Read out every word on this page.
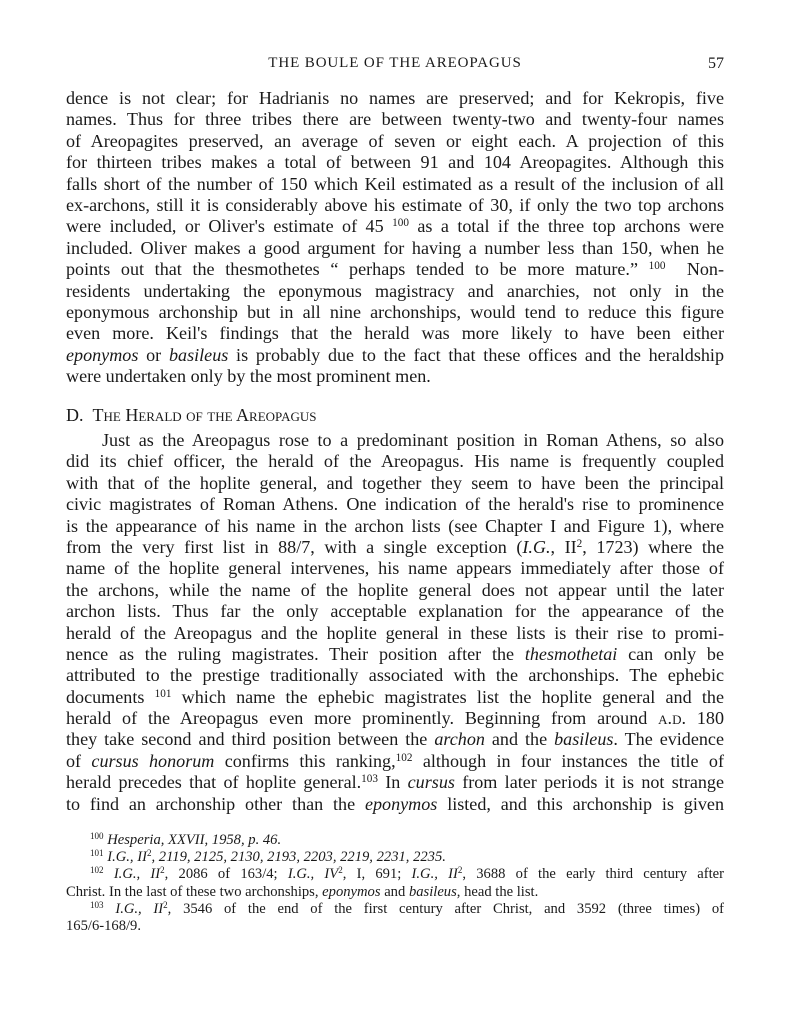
THE BOULE OF THE AREOPAGUS	57
dence is not clear; for Hadrianis no names are preserved; and for Kekropis, five
names. Thus for three tribes there are between twenty-two and twenty-four names
of Areopagites preserved, an average of seven or eight each. A projection of this
for thirteen tribes makes a total of between 91 and 104 Areopagites. Although this
falls short of the number of 150 which Keil estimated as a result of the inclusion of all
ex-archons, still it is considerably above his estimate of 30, if only the two top archons
were included, or Oliver's estimate of 45 $^{100}$ as a total if the three top archons were
included. Oliver makes a good argument for having a number less than 150, when he
points out that the thesmothetes “ perhaps tended to be more mature.” $^{100}$ Non-
residents undertaking the eponymous magistracy and anarchies, not only in the
eponymous archonship but in all nine archonships, would tend to reduce this figure
even more. Keil's findings that the herald was more likely to have been either
eponymos or basileus is probably due to the fact that these offices and the heraldship
were undertaken only by the most prominent men.
D. The Herald of the Areopagus
Just as the Areopagus rose to a predominant position in Roman Athens, so also
did its chief officer, the herald of the Areopagus. His name is frequently coupled
with that of the hoplite general, and together they seem to have been the principal
civic magistrates of Roman Athens. One indication of the herald's rise to prominence
is the appearance of his name in the archon lists (see Chapter I and Figure 1), where
from the very first list in 88/7, with a single exception (I.G., $II^2$, 1723) where the
name of the hoplite general intervenes, his name appears immediately after those of
the archons, while the name of the hoplite general does not appear until the later
archon lists. Thus far the only acceptable explanation for the appearance of the
herald of the Areopagus and the hoplite general in these lists is their rise to promi-
nence as the ruling magistrates. Their position after the thesmothetai can only be
attributed to the prestige traditionally associated with the archonships. The ephebic
documents $^{101}$ which name the ephebic magistrates list the hoplite general and the
herald of the Areopagus even more prominently. Beginning from around a.d. 180
they take second and third position between the archon and the basileus. The evidence
of cursus honorum confirms this ranking,$^{102}$ although in four instances the title of
herald precedes that of hoplite general.$^{103}$ In cursus from later periods it is not strange
to find an archonship other than the eponymos listed, and this archonship is given
$^{100}$ Hesperia, XXVII, 1958, p. 46.
$^{101}$ I.G., $II^2$, 2119, 2125, 2130, 2193, 2203, 2219, 2231, 2235.
$^{102}$ I.G., $II^2$, 2086 of 163/4; I.G., $IV^2$, I, 691; I.G., $II^2$, 3688 of the early third century after
Christ. In the last of these two archonships, eponymos and basileus, head the list.
$^{103}$ I.G., $II^2$, 3546 of the end of the first century after Christ, and 3592 (three times) of
165/6-168/9.
